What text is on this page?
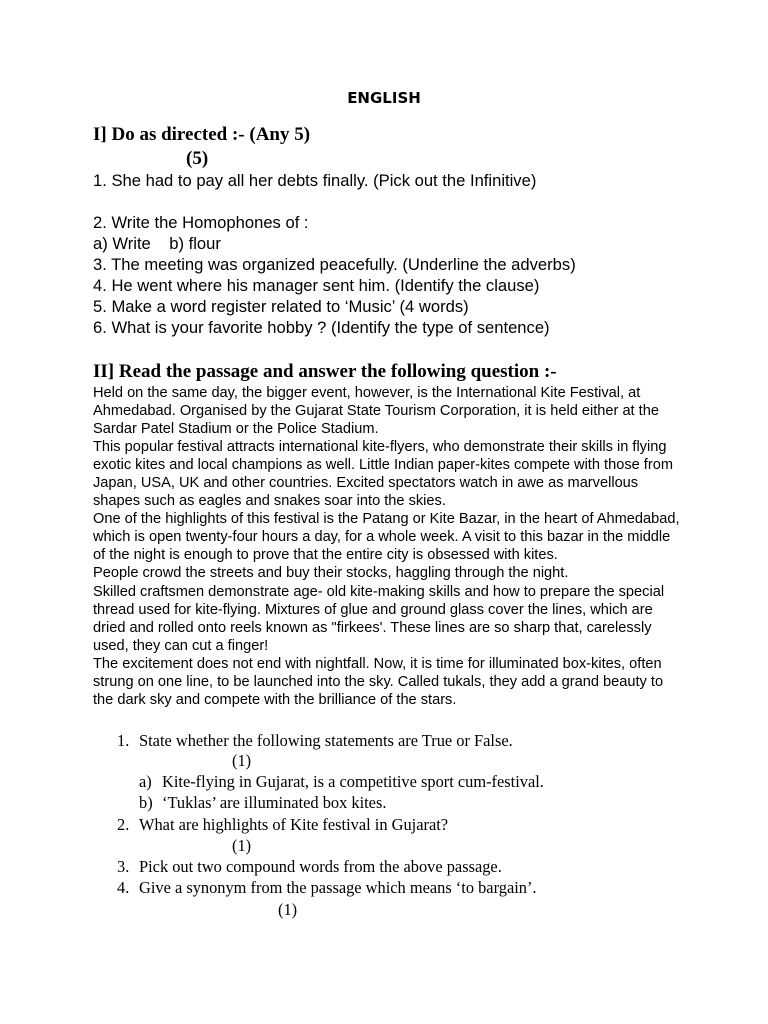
ENGLISH
I] Do as directed :- (Any 5)
(5)
1. She had to pay all her debts finally. (Pick out the Infinitive)
2. Write the Homophones of :
a) Write    b) flour
3. The meeting was organized peacefully. (Underline the adverbs)
4. He went where his manager sent him. (Identify the clause)
5. Make a word register related to ‘Music’ (4 words)
6. What is your favorite hobby ? (Identify the type of sentence)
II] Read the passage and answer the following question :-

Held on the same day, the bigger event, however, is the International Kite Festival, at Ahmedabad. Organised by the Gujarat State Tourism Corporation, it is held either at the Sardar Patel Stadium or the Police Stadium.

This popular festival attracts international kite-flyers, who demonstrate their skills in flying exotic kites and local champions as well. Little Indian paper-kites compete with those from Japan, USA, UK and other countries. Excited spectators watch in awe as marvellous shapes such as eagles and snakes soar into the skies.

One of the highlights of this festival is the Patang or Kite Bazar, in the heart of Ahmedabad, which is open twenty-four hours a day, for a whole week. A visit to this bazar in the middle of the night is enough to prove that the entire city is obsessed with kites.

People crowd the streets and buy their stocks, haggling through the night.

Skilled craftsmen demonstrate age- old kite-making skills and how to prepare the special thread used for kite-flying. Mixtures of glue and ground glass cover the lines, which are dried and rolled onto reels known as "firkees'. These lines are so sharp that, carelessly used, they can cut a finger!

The excitement does not end with nightfall. Now, it is time for illuminated box-kites, often strung on one line, to be launched into the sky. Called tukals, they add a grand beauty to the dark sky and compete with the brilliance of the stars.

1. State whether the following statements are True or False.
(1)
a) Kite-flying in Gujarat, is a competitive sport cum-festival.
b) ‘Tuklas’ are illuminated box kites.
2. What are highlights of Kite festival in Gujarat?
(1)
3. Pick out two compound words from the above passage.
4. Give a synonym from the passage which means ‘to bargain’.
(1)
